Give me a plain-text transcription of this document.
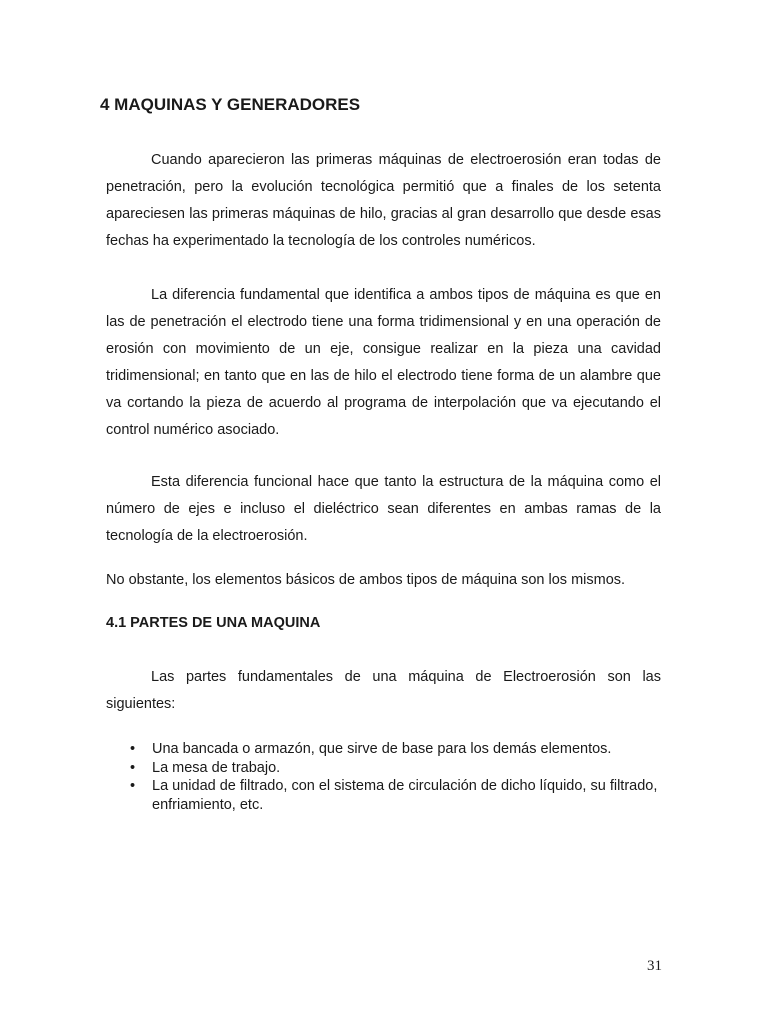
4 MAQUINAS Y GENERADORES

Cuando aparecieron las primeras máquinas de electroerosión eran todas de penetración, pero la evolución tecnológica permitió que a finales de los setenta apareciesen las primeras máquinas de hilo, gracias al gran desarrollo que desde esas fechas ha experimentado la tecnología de los controles numéricos.

La diferencia fundamental que identifica a ambos tipos de máquina es que en las de penetración el electrodo tiene una forma tridimensional y en una operación de erosión con movimiento de un eje, consigue realizar en la pieza una cavidad tridimensional; en tanto que en las de hilo el electrodo tiene forma de un alambre que va cortando la pieza de acuerdo al programa de interpolación que va ejecutando el control numérico asociado.

Esta diferencia funcional hace que tanto la estructura de la máquina como el número de ejes e incluso el dieléctrico sean diferentes en ambas ramas de la tecnología de la electroerosión.

No obstante, los elementos básicos de ambos tipos de máquina son los mismos.

4.1 PARTES DE UNA MAQUINA

Las partes fundamentales de una máquina de Electroerosión son las siguientes:

• Una bancada o armazón, que sirve de base para los demás elementos.
• La mesa de trabajo.
• La unidad de filtrado, con el sistema de circulación de dicho líquido, su filtrado, enfriamiento, etc.
31
